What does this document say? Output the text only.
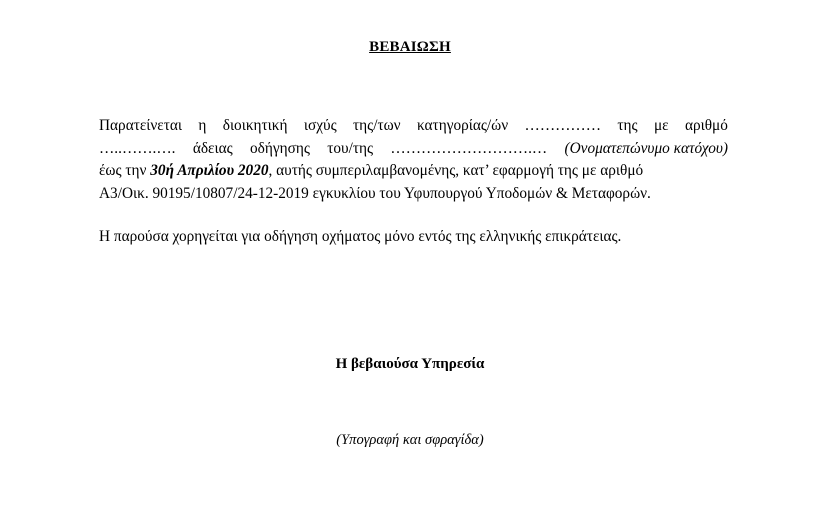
ΒΕΒΑΙΩΣΗ
Παρατείνεται η διοικητική ισχύς της/των κατηγορίας/ών …………… της με αριθμό
…..…….…. άδειας οδήγησης του/της ……………………….… (Ονοματεπώνυμο κατόχου)
έως την 30ή Απριλίου 2020, αυτής συμπεριλαμβανομένης, κατ’ εφαρμογή της με αριθμό
Α3/Οικ. 90195/10807/24-12-2019 εγκυκλίου του Υφυπουργού Υποδομών & Μεταφορών.
Η παρούσα χορηγείται για οδήγηση οχήματος μόνο εντός της ελληνικής επικράτειας.
Η βεβαιούσα Υπηρεσία
(Υπογραφή και σφραγίδα)
